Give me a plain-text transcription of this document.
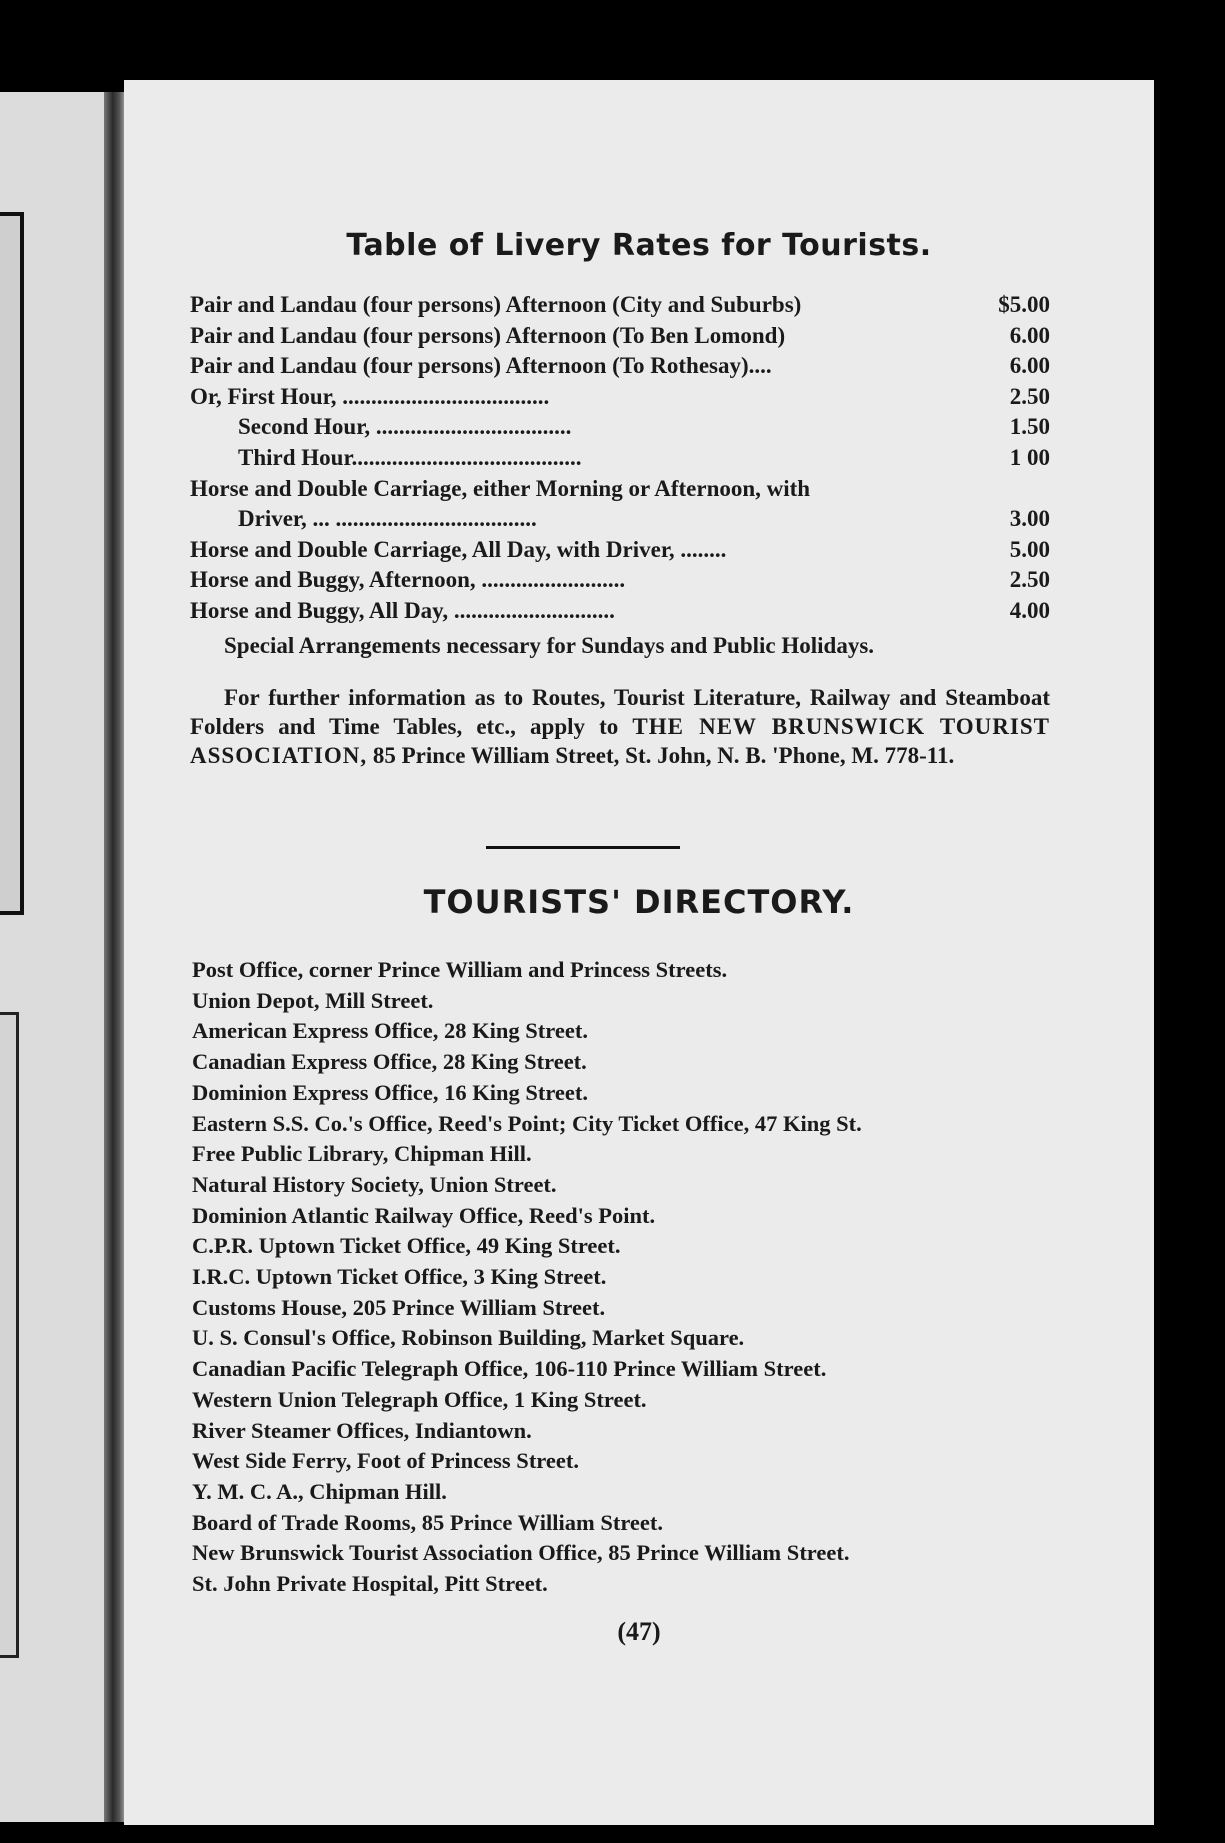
Table of Livery Rates for Tourists.
Pair and Landau (four persons) Afternoon (City and Suburbs)	$5.00
Pair and Landau (four persons) Afternoon (To Ben Lomond)	6.00
Pair and Landau (four persons) Afternoon (To Rothesay)....	6.00
Or, First Hour, ....................................	2.50
Second Hour, ..................................	1.50
Third Hour........................................	1 00
Horse and Double Carriage, either Morning or Afternoon, with
Driver, ... ...................................	3.00
Horse and Double Carriage, All Day, with Driver, ........	5.00
Horse and Buggy, Afternoon, .........................	2.50
Horse and Buggy, All Day, ............................	4.00
Special Arrangements necessary for Sundays and Public Holidays.
For further information as to Routes, Tourist Literature, Railway and Steamboat Folders and Time Tables, etc., apply to THE NEW BRUNSWICK TOURIST ASSOCIATION, 85 Prince William Street, St. John, N. B. 'Phone, M. 778-11.
TOURISTS' DIRECTORY.
Post Office, corner Prince William and Princess Streets.
Union Depot, Mill Street.
American Express Office, 28 King Street.
Canadian Express Office, 28 King Street.
Dominion Express Office, 16 King Street.
Eastern S.S. Co.'s Office, Reed's Point; City Ticket Office, 47 King St.
Free Public Library, Chipman Hill.
Natural History Society, Union Street.
Dominion Atlantic Railway Office, Reed's Point.
C.P.R. Uptown Ticket Office, 49 King Street.
I.R.C. Uptown Ticket Office, 3 King Street.
Customs House, 205 Prince William Street.
U. S. Consul's Office, Robinson Building, Market Square.
Canadian Pacific Telegraph Office, 106-110 Prince William Street.
Western Union Telegraph Office, 1 King Street.
River Steamer Offices, Indiantown.
West Side Ferry, Foot of Princess Street.
Y. M. C. A., Chipman Hill.
Board of Trade Rooms, 85 Prince William Street.
New Brunswick Tourist Association Office, 85 Prince William Street.
St. John Private Hospital, Pitt Street.
(47)
